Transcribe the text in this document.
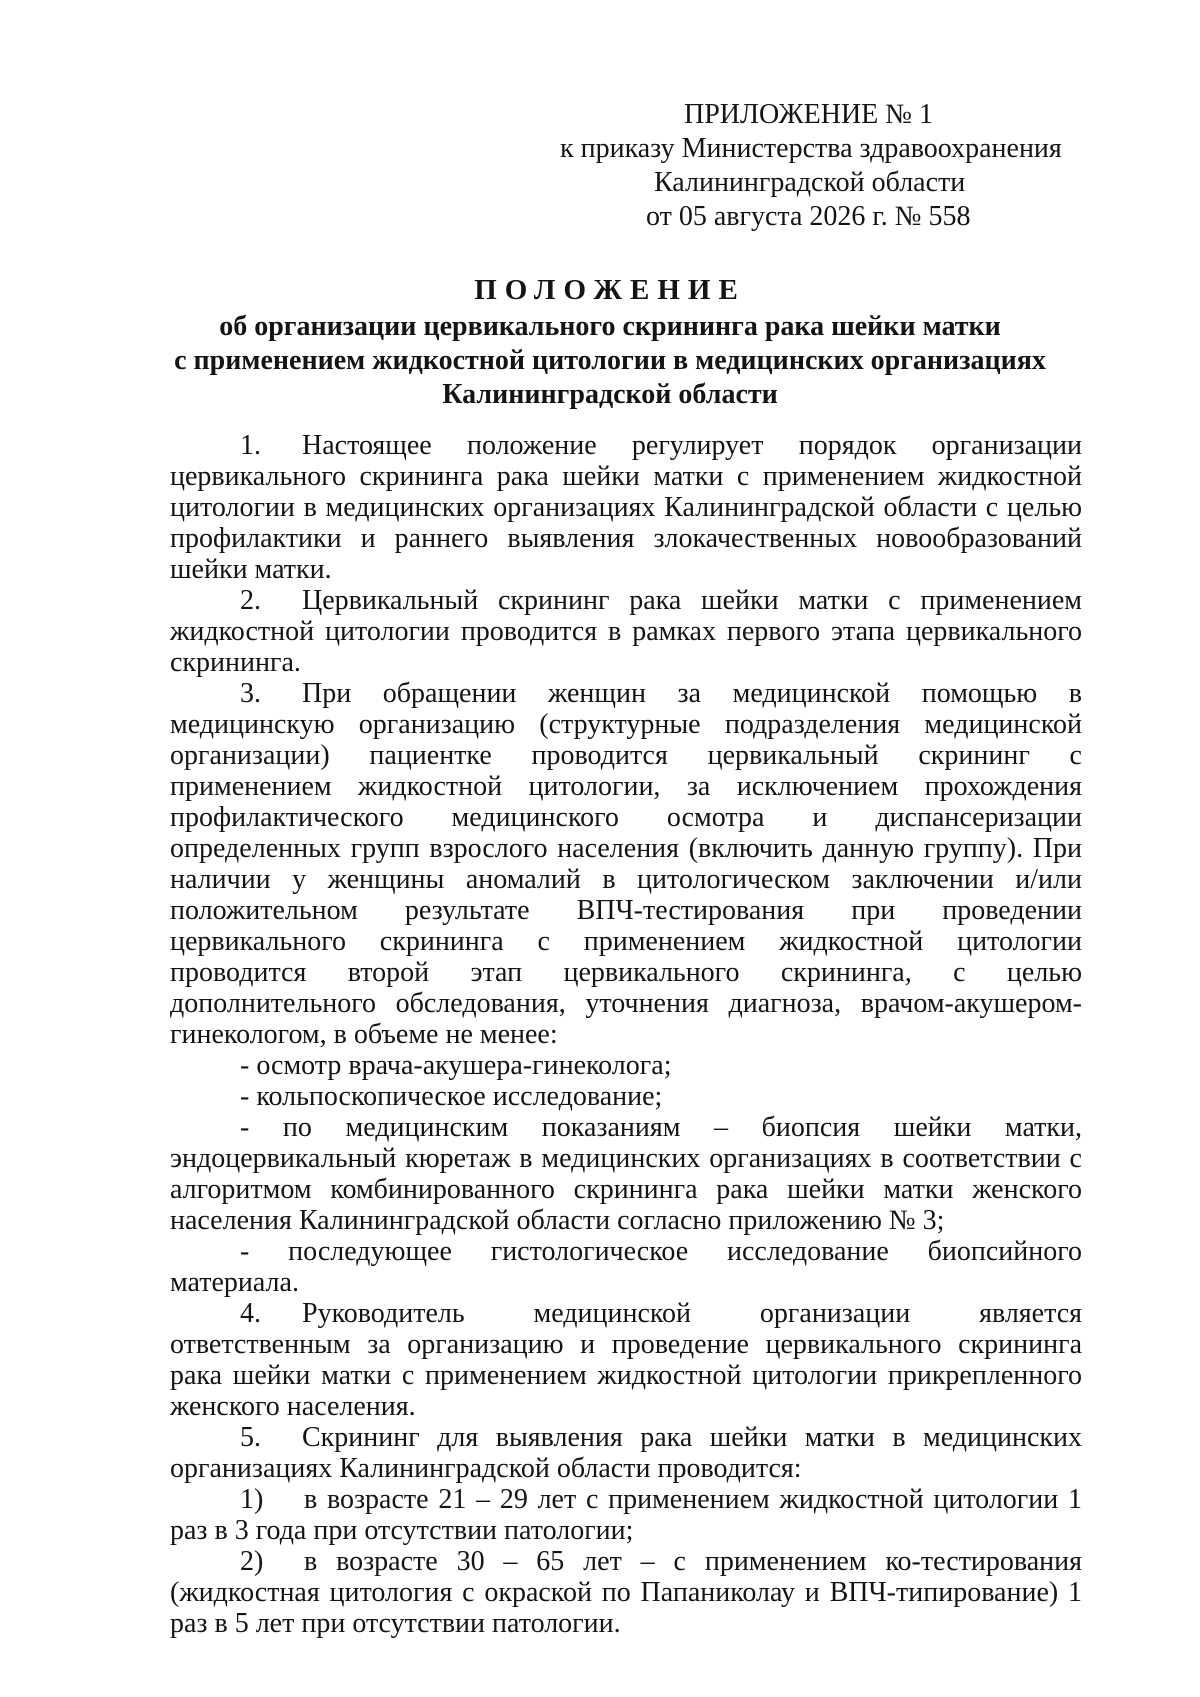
ПРИЛОЖЕНИЕ № 1
к приказу Министерства здравоохранения
Калининградской области
от 05 августа 2026 г. № 558
ПОЛОЖЕНИЕ
об организации цервикального скрининга рака шейки матки
с применением жидкостной цитологии в медицинских организациях
Калининградской области

1. Настоящее положение регулирует порядок организации цервикального скрининга рака шейки матки с применением жидкостной цитологии в медицинских организациях Калининградской области с целью профилактики и раннего выявления злокачественных новообразований шейки матки.

2. Цервикальный скрининг рака шейки матки с применением жидкостной цитологии проводится в рамках первого этапа цервикального скрининга.

3. При обращении женщин за медицинской помощью в медицинскую организацию (структурные подразделения медицинской организации) пациентке проводится цервикальный скрининг с применением жидкостной цитологии, за исключением прохождения профилактического медицинского осмотра и диспансеризации определенных групп взрослого населения (включить данную группу). При наличии у женщины аномалий в цитологическом заключении и/или положительном результате ВПЧ-тестирования при проведении цервикального скрининга с применением жидкостной цитологии проводится второй этап цервикального скрининга, с целью дополнительного обследования, уточнения диагноза, врачом-акушером-гинекологом, в объеме не менее:

- осмотр врача-акушера-гинеколога;

- кольпоскопическое исследование;

- по медицинским показаниям – биопсия шейки матки, эндоцервикальный кюретаж в медицинских организациях в соответствии с алгоритмом комбинированного скрининга рака шейки матки женского населения Калининградской области согласно приложению № 3;

- последующее гистологическое исследование биопсийного материала.

4. Руководитель медицинской организации является ответственным за организацию и проведение цервикального скрининга рака шейки матки с применением жидкостной цитологии прикрепленного женского населения.

5. Скрининг для выявления рака шейки матки в медицинских организациях Калининградской области проводится:

1) в возрасте 21 – 29 лет с применением жидкостной цитологии 1 раз в 3 года при отсутствии патологии;

2) в возрасте 30 – 65 лет – с применением ко-тестирования (жидкостная цитология с окраской по Папаниколау и ВПЧ-типирование) 1 раз в 5 лет при отсутствии патологии.
